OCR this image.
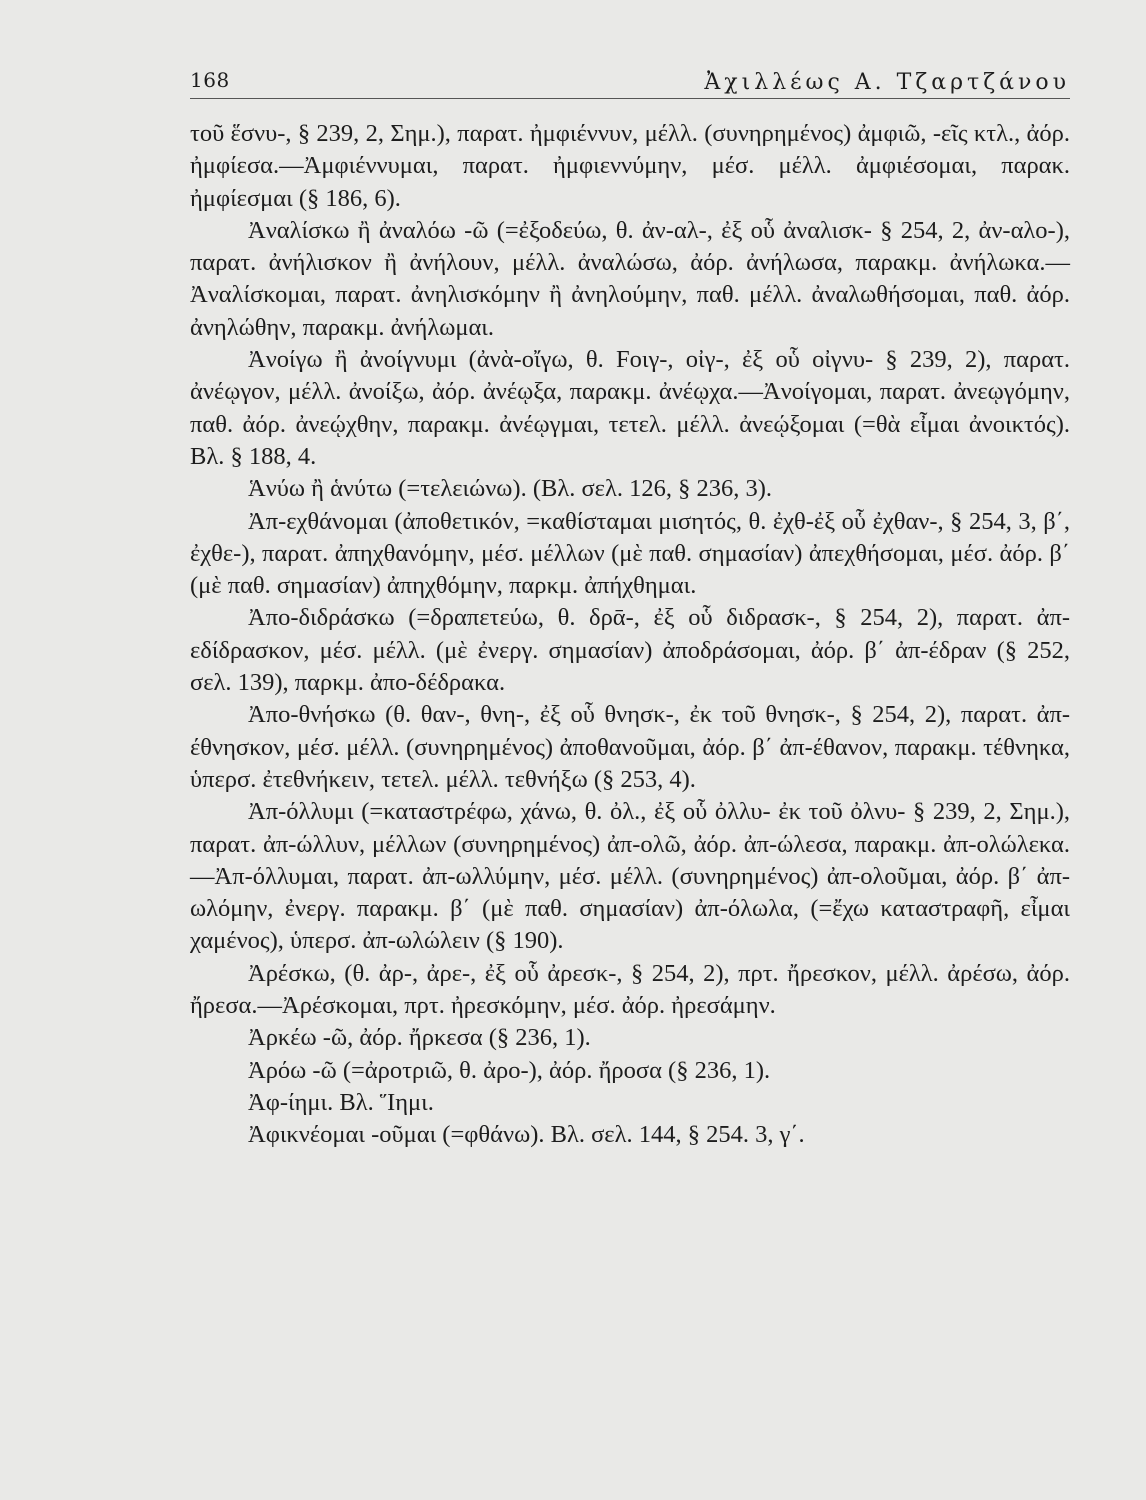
168	Ἀχιλλέως Α. Τζαρτζάνου

τοῦ ἕσνυ-, § 239, 2, Σημ.), παρατ. ἠμφιέννυν, μέλλ. (συνηρημένος) ἀμφιῶ, -εῖς κτλ., ἀόρ. ἠμφίεσα.—Ἀμφιέννυμαι, παρατ. ἠμφιεννύμην, μέσ. μέλλ. ἀμφιέσομαι, παρακ. ἠμφίεσμαι (§ 186, 6).

Ἀναλίσκω ἢ ἀναλόω -ῶ (=ἐξοδεύω, θ. ἀν-αλ-, ἐξ οὗ ἀναλισκ- § 254, 2, ἀν-αλο-), παρατ. ἀνήλισκον ἢ ἀνήλουν, μέλλ. ἀναλώσω, ἀόρ. ἀνήλωσα, παρακμ. ἀνήλωκα.—Ἀναλίσκομαι, παρατ. ἀνηλισκόμην ἢ ἀνηλούμην, παθ. μέλλ. ἀναλωθήσομαι, παθ. ἀόρ. ἀνηλώθην, παρακμ. ἀνήλωμαι.

Ἀνοίγω ἢ ἀνοίγνυμι (ἀνὰ-οἴγω, θ. Fοιγ-, οἰγ-, ἐξ οὗ οἰγνυ- § 239, 2), παρατ. ἀνέῳγον, μέλλ. ἀνοίξω, ἀόρ. ἀνέῳξα, παρακμ. ἀνέῳχα.—Ἀνοίγομαι, παρατ. ἀνεῳγόμην, παθ. ἀόρ. ἀνεῴχθην, παρακμ. ἀνέῳγμαι, τετελ. μέλλ. ἀνεῴξομαι (=θὰ εἶμαι ἀνοικτός). Βλ. § 188, 4.

Ἁνύω ἢ ἁνύτω (=τελειώνω). (Βλ. σελ. 126, § 236, 3).

Ἀπ-εχθάνομαι (ἀποθετικόν, =καθίσταμαι μισητός, θ. ἐχθ-ἐξ οὗ ἐχθαν-, § 254, 3, β΄, ἐχθε-), παρατ. ἀπηχθανόμην, μέσ. μέλλων (μὲ παθ. σημασίαν) ἀπεχθήσομαι, μέσ. ἀόρ. β΄ (μὲ παθ. σημασίαν) ἀπηχθόμην, παρκμ. ἀπήχθημαι.

Ἀπο-διδράσκω (=δραπετεύω, θ. δρᾱ-, ἐξ οὗ διδρασκ-, § 254, 2), παρατ. ἀπ-εδίδρασκον, μέσ. μέλλ. (μὲ ἐνεργ. σημασίαν) ἀποδράσομαι, ἀόρ. β΄ ἀπ-έδραν (§ 252, σελ. 139), παρκμ. ἀπο-δέδρακα.

Ἀπο-θνήσκω (θ. θαν-, θνη-, ἐξ οὗ θνησκ-, ἐκ τοῦ θνησκ-, § 254, 2), παρατ. ἀπ-έθνησκον, μέσ. μέλλ. (συνηρημένος) ἀποθανοῦμαι, ἀόρ. β΄ ἀπ-έθανον, παρακμ. τέθνηκα, ὑπερσ. ἐτεθνήκειν, τετελ. μέλλ. τεθνήξω (§ 253, 4).

Ἀπ-όλλυμι (=καταστρέφω, χάνω, θ. ὀλ., ἐξ οὗ ὀλλυ- ἐκ τοῦ ὀλνυ- § 239, 2, Σημ.), παρατ. ἀπ-ώλλυν, μέλλων (συνηρημένος) ἀπ-ολῶ, ἀόρ. ἀπ-ώλεσα, παρακμ. ἀπ-ολώλεκα.—Ἀπ-όλλυμαι, παρατ. ἀπ-ωλλύμην, μέσ. μέλλ. (συνηρημένος) ἀπ-ολοῦμαι, ἀόρ. β΄ ἀπ-ωλόμην, ἐνεργ. παρακμ. β΄ (μὲ παθ. σημασίαν) ἀπ-όλωλα, (=ἔχω καταστραφῆ, εἶμαι χαμένος), ὑπερσ. ἀπ-ωλώλειν (§ 190).

Ἀρέσκω, (θ. ἀρ-, ἀρε-, ἐξ οὗ ἀρεσκ-, § 254, 2), πρτ. ἤρεσκον, μέλλ. ἀρέσω, ἀόρ. ἤρεσα.—Ἀρέσκομαι, πρτ. ἠρεσκόμην, μέσ. ἀόρ. ἠρεσάμην.

Ἀρκέω -ῶ, ἀόρ. ἤρκεσα (§ 236, 1).

Ἀρόω -ῶ (=ἀροτριῶ, θ. ἀρο-), ἀόρ. ἤροσα (§ 236, 1).

Ἀφ-ίημι. Βλ. Ἵημι.

Ἀφικνέομαι -οῦμαι (=φθάνω). Βλ. σελ. 144, § 254. 3, γ΄.
